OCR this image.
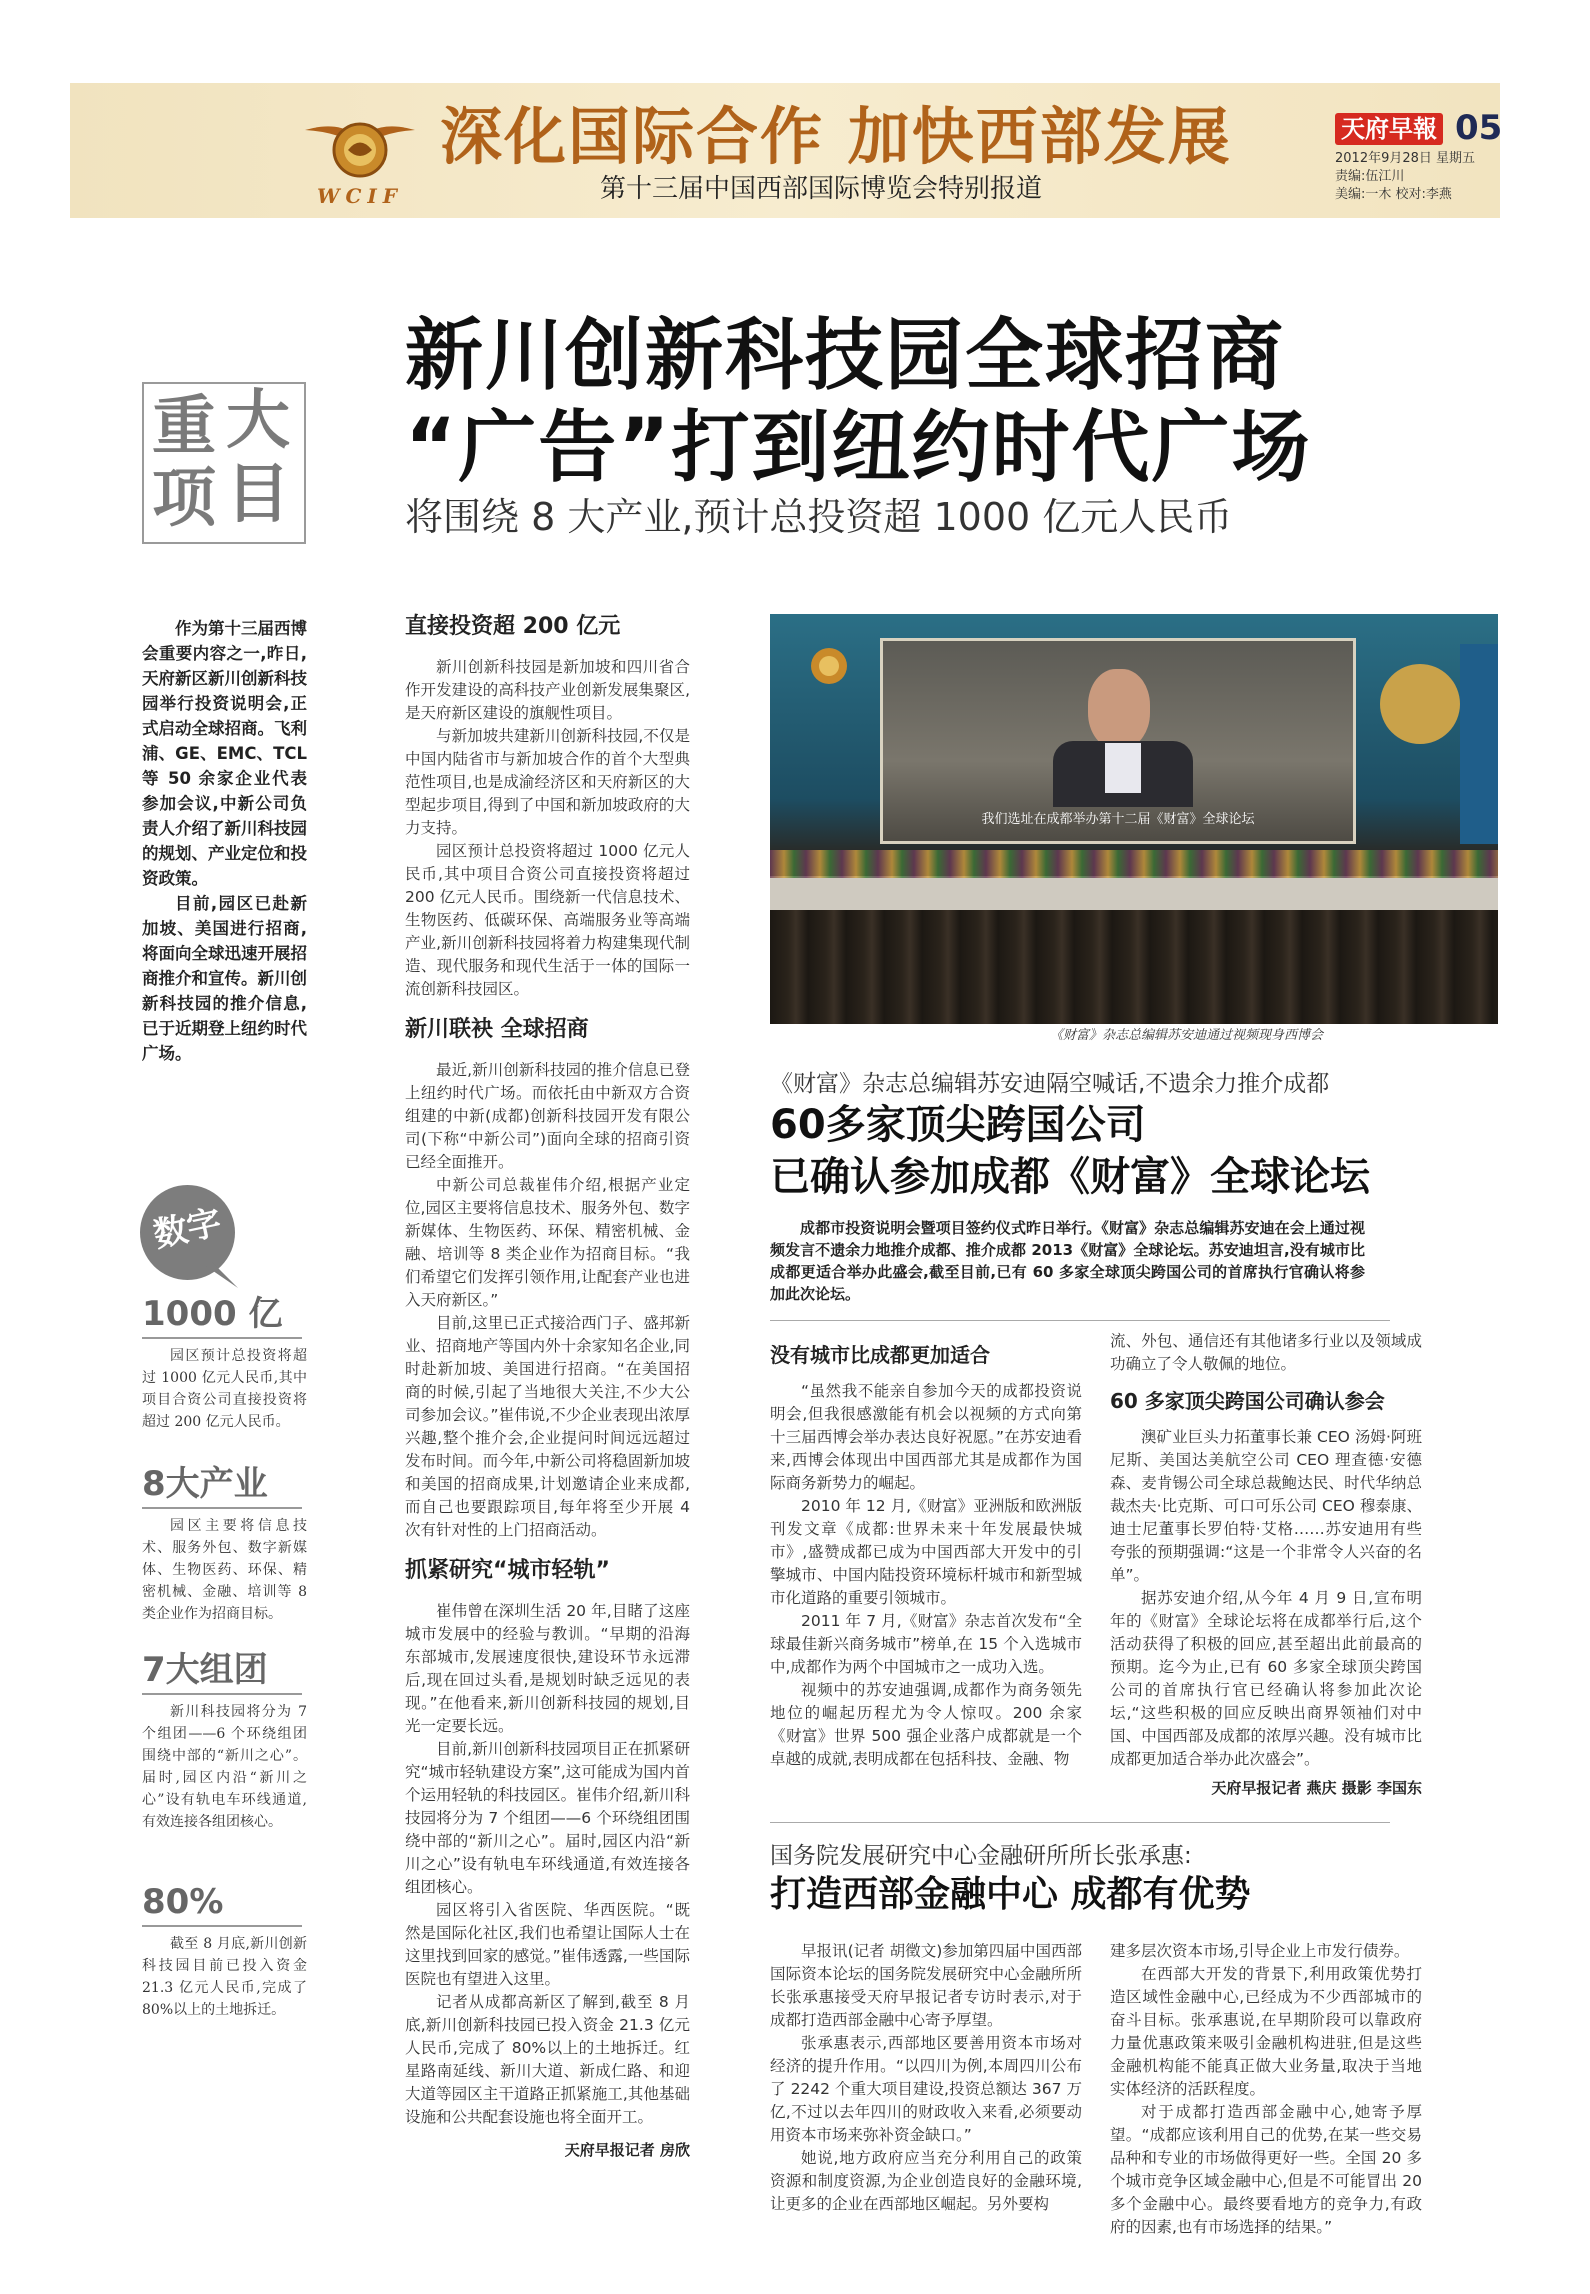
WCIF
深化国际合作 加快西部发展
第十三届中国西部国际博览会特别报道
天府早報 05
2012年9月28日 星期五
责编:伍江川
美编:一木 校对:李燕
重 大
项 目
新川创新科技园全球招商
“广告”打到纽约时代广场
将围绕 8 大产业,预计总投资超 1000 亿元人民币

作为第十三届西博会重要内容之一,昨日,天府新区新川创新科技园举行投资说明会,正式启动全球招商。飞利浦、GE、EMC、TCL等 50 余家企业代表参加会议,中新公司负责人介绍了新川科技园的规划、产业定位和投资政策。

目前,园区已赴新加坡、美国进行招商,将面向全球迅速开展招商推介和宣传。新川创新科技园的推介信息,已于近期登上纽约时代广场。

数字
1000 亿

园区预计总投资将超过 1000 亿元人民币,其中项目合资公司直接投资将超过 200 亿元人民币。

8大产业

园区主要将信息技术、服务外包、数字新媒体、生物医药、环保、精密机械、金融、培训等 8 类企业作为招商目标。

7大组团

新川科技园将分为 7 个组团——6 个环绕组团围绕中部的“新川之心”。届时,园区内沿“新川之心”设有轨电车环线通道,有效连接各组团核心。

80%

截至 8 月底,新川创新科技园目前已投入资金 21.3 亿元人民币,完成了 80%以上的土地拆迁。

直接投资超 200 亿元

新川创新科技园是新加坡和四川省合作开发建设的高科技产业创新发展集聚区,是天府新区建设的旗舰性项目。

与新加坡共建新川创新科技园,不仅是中国内陆省市与新加坡合作的首个大型典范性项目,也是成渝经济区和天府新区的大型起步项目,得到了中国和新加坡政府的大力支持。

园区预计总投资将超过 1000 亿元人民币,其中项目合资公司直接投资将超过 200 亿元人民币。围绕新一代信息技术、生物医药、低碳环保、高端服务业等高端产业,新川创新科技园将着力构建集现代制造、现代服务和现代生活于一体的国际一流创新科技园区。

新川联袂 全球招商

最近,新川创新科技园的推介信息已登上纽约时代广场。而依托由中新双方合资组建的中新(成都)创新科技园开发有限公司(下称“中新公司”)面向全球的招商引资已经全面推开。

中新公司总裁崔伟介绍,根据产业定位,园区主要将信息技术、服务外包、数字新媒体、生物医药、环保、精密机械、金融、培训等 8 类企业作为招商目标。“我们希望它们发挥引领作用,让配套产业也进入天府新区。”

目前,这里已正式接洽西门子、盛邦新业、招商地产等国内外十余家知名企业,同时赴新加坡、美国进行招商。“在美国招商的时候,引起了当地很大关注,不少大公司参加会议。”崔伟说,不少企业表现出浓厚兴趣,整个推介会,企业提问时间远远超过发布时间。而今年,中新公司将稳固新加坡和美国的招商成果,计划邀请企业来成都,而自己也要跟踪项目,每年将至少开展 4 次有针对性的上门招商活动。

抓紧研究“城市轻轨”

崔伟曾在深圳生活 20 年,目睹了这座城市发展中的经验与教训。“早期的沿海东部城市,发展速度很快,建设环节永远滞后,现在回过头看,是规划时缺乏远见的表现。”在他看来,新川创新科技园的规划,目光一定要长远。

目前,新川创新科技园项目正在抓紧研究“城市轻轨建设方案”,这可能成为国内首个运用轻轨的科技园区。崔伟介绍,新川科技园将分为 7 个组团——6 个环绕组团围绕中部的“新川之心”。届时,园区内沿“新川之心”设有轨电车环线通道,有效连接各组团核心。

园区将引入省医院、华西医院。“既然是国际化社区,我们也希望让国际人士在这里找到回家的感觉。”崔伟透露,一些国际医院也有望进入这里。

记者从成都高新区了解到,截至 8 月底,新川创新科技园已投入资金 21.3 亿元人民币,完成了 80%以上的土地拆迁。红星路南延线、新川大道、新成仁路、和迎大道等园区主干道路正抓紧施工,其他基础设施和公共配套设施也将全面开工。

天府早报记者 房欣
我们选址在成都举办第十二届《财富》全球论坛
《财富》杂志总编辑苏安迪通过视频现身西博会
《财富》杂志总编辑苏安迪隔空喊话,不遗余力推介成都
60多家顶尖跨国公司
已确认参加成都《财富》全球论坛

成都市投资说明会暨项目签约仪式昨日举行。《财富》杂志总编辑苏安迪在会上通过视频发言不遗余力地推介成都、推介成都 2013《财富》全球论坛。苏安迪坦言,没有城市比成都更适合举办此盛会,截至目前,已有 60 多家全球顶尖跨国公司的首席执行官确认将参加此次论坛。

没有城市比成都更加适合

“虽然我不能亲自参加今天的成都投资说明会,但我很感激能有机会以视频的方式向第十三届西博会举办表达良好祝愿。”在苏安迪看来,西博会体现出中国西部尤其是成都作为国际商务新势力的崛起。

2010 年 12 月,《财富》亚洲版和欧洲版刊发文章《成都:世界未来十年发展最快城市》,盛赞成都已成为中国西部大开发中的引擎城市、中国内陆投资环境标杆城市和新型城市化道路的重要引领城市。

2011 年 7 月,《财富》杂志首次发布“全球最佳新兴商务城市”榜单,在 15 个入选城市中,成都作为两个中国城市之一成功入选。

视频中的苏安迪强调,成都作为商务领先地位的崛起历程尤为令人惊叹。200 余家《财富》世界 500 强企业落户成都就是一个卓越的成就,表明成都在包括科技、金融、物

流、外包、通信还有其他诸多行业以及领域成功确立了令人敬佩的地位。

60 多家顶尖跨国公司确认参会

澳矿业巨头力拓董事长兼 CEO 汤姆·阿班尼斯、美国达美航空公司 CEO 理查德·安德森、麦肯锡公司全球总裁鲍达民、时代华纳总裁杰夫·比克斯、可口可乐公司 CEO 穆泰康、迪士尼董事长罗伯特·艾格……苏安迪用有些夸张的预期强调:“这是一个非常令人兴奋的名单”。

据苏安迪介绍,从今年 4 月 9 日,宣布明年的《财富》全球论坛将在成都举行后,这个活动获得了积极的回应,甚至超出此前最高的预期。迄今为止,已有 60 多家全球顶尖跨国公司的首席执行官已经确认将参加此次论坛,“这些积极的回应反映出商界领袖们对中国、中国西部及成都的浓厚兴趣。没有城市比成都更加适合举办此次盛会”。

天府早报记者 燕庆 摄影 李国东
国务院发展研究中心金融研所所长张承惠:
打造西部金融中心 成都有优势

早报讯(记者 胡徵文)参加第四届中国西部国际资本论坛的国务院发展研究中心金融所所长张承惠接受天府早报记者专访时表示,对于成都打造西部金融中心寄予厚望。

张承惠表示,西部地区要善用资本市场对经济的提升作用。“以四川为例,本周四川公布了 2242 个重大项目建设,投资总额达 367 万亿,不过以去年四川的财政收入来看,必须要动用资本市场来弥补资金缺口。”

她说,地方政府应当充分利用自己的政策资源和制度资源,为企业创造良好的金融环境,让更多的企业在西部地区崛起。另外要构

建多层次资本市场,引导企业上市发行债券。

在西部大开发的背景下,利用政策优势打造区域性金融中心,已经成为不少西部城市的奋斗目标。张承惠说,在早期阶段可以靠政府力量优惠政策来吸引金融机构进驻,但是这些金融机构能不能真正做大业务量,取决于当地实体经济的活跃程度。

对于成都打造西部金融中心,她寄予厚望。“成都应该利用自己的优势,在某一些交易品种和专业的市场做得更好一些。全国 20 多个城市竞争区域金融中心,但是不可能冒出 20 多个金融中心。最终要看地方的竞争力,有政府的因素,也有市场选择的结果。”
